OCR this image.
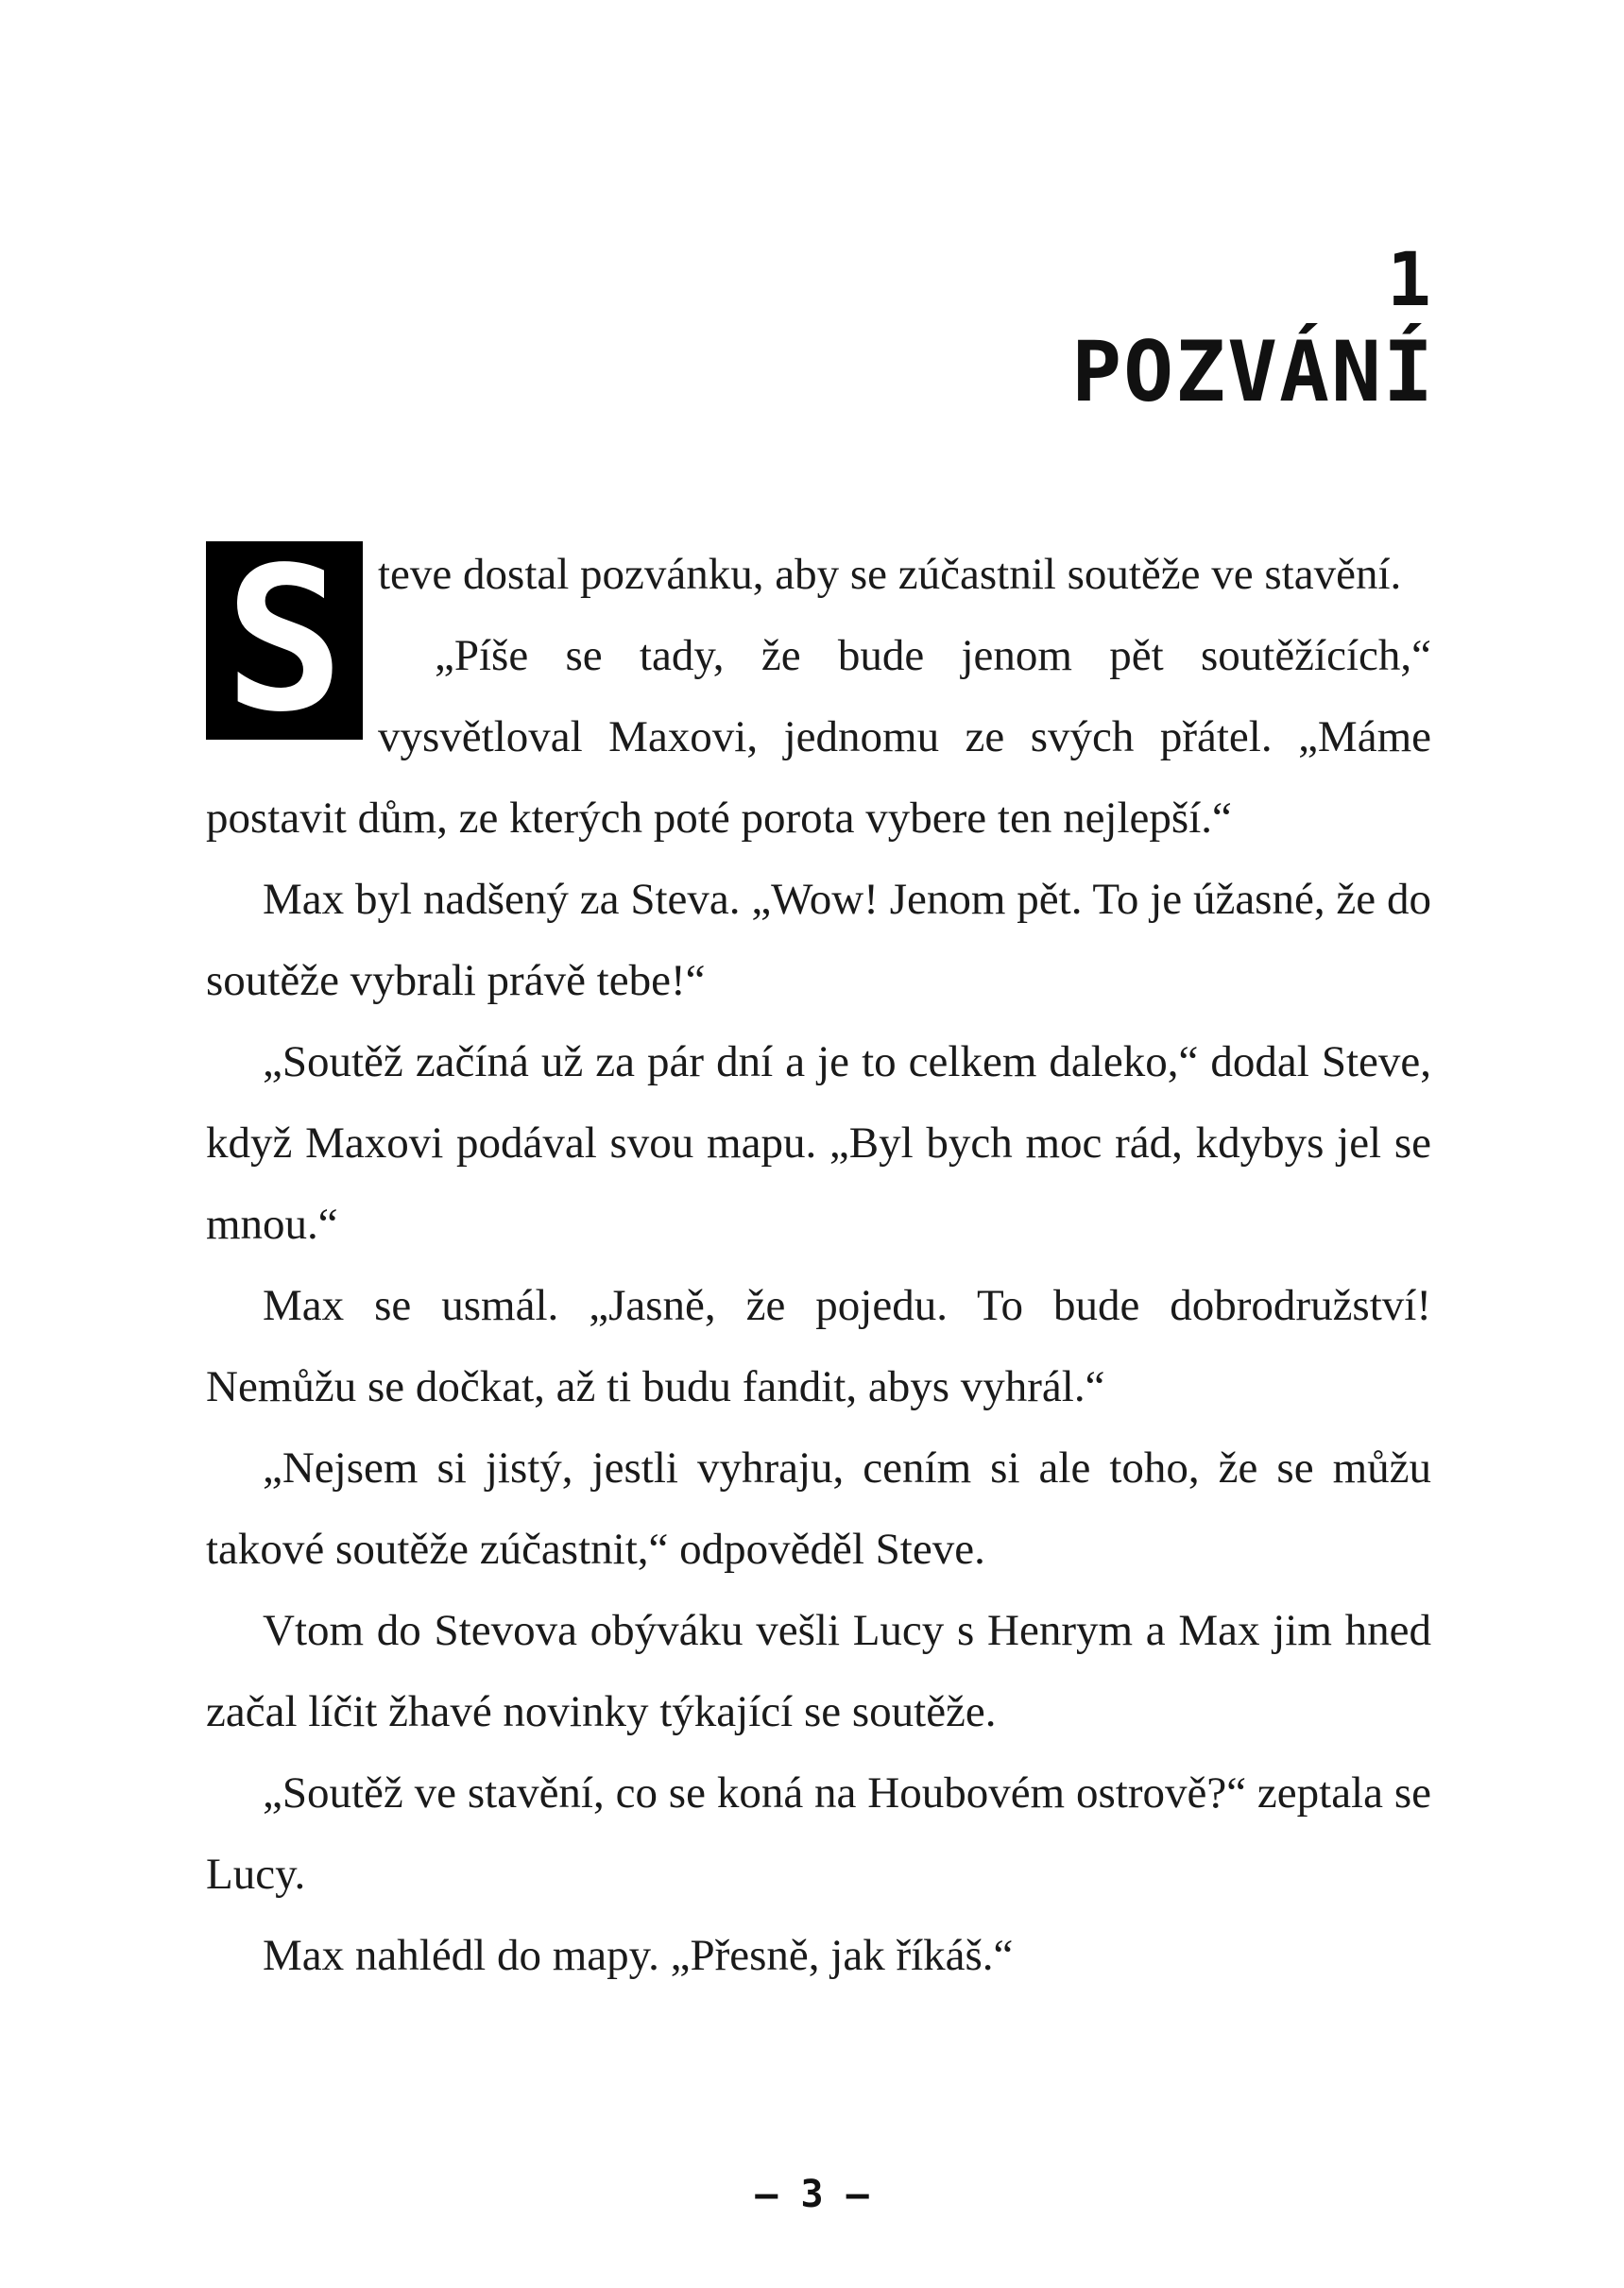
1
POZVÁNÍ

S teve dostal pozvánku, aby se zúčastnil soutěže ve stavění.

„Píše se tady, že bude jenom pět soutěžících,“ vysvětloval Maxovi, jednomu ze svých přátel. „Máme postavit dům, ze kterých poté porota vybere ten nejlepší.“

Max byl nadšený za Steva. „Wow! Jenom pět. To je úžasné, že do soutěže vybrali právě tebe!“

„Soutěž začíná už za pár dní a je to celkem daleko,“ dodal Steve, když Maxovi podával svou mapu. „Byl bych moc rád, kdybys jel se mnou.“

Max se usmál. „Jasně, že pojedu. To bude dobrodružství! Nemůžu se dočkat, až ti budu fandit, abys vyhrál.“

„Nejsem si jistý, jestli vyhraju, cením si ale toho, že se můžu takové soutěže zúčastnit,“ odpověděl Steve.

Vtom do Stevova obýváku vešli Lucy s Henrym a Max jim hned začal líčit žhavé novinky týkající se soutěže.

„Soutěž ve stavění, co se koná na Houbovém ostrově?“ zeptala se Lucy.

Max nahlédl do mapy. „Přesně, jak říkáš.“

– 3 –
